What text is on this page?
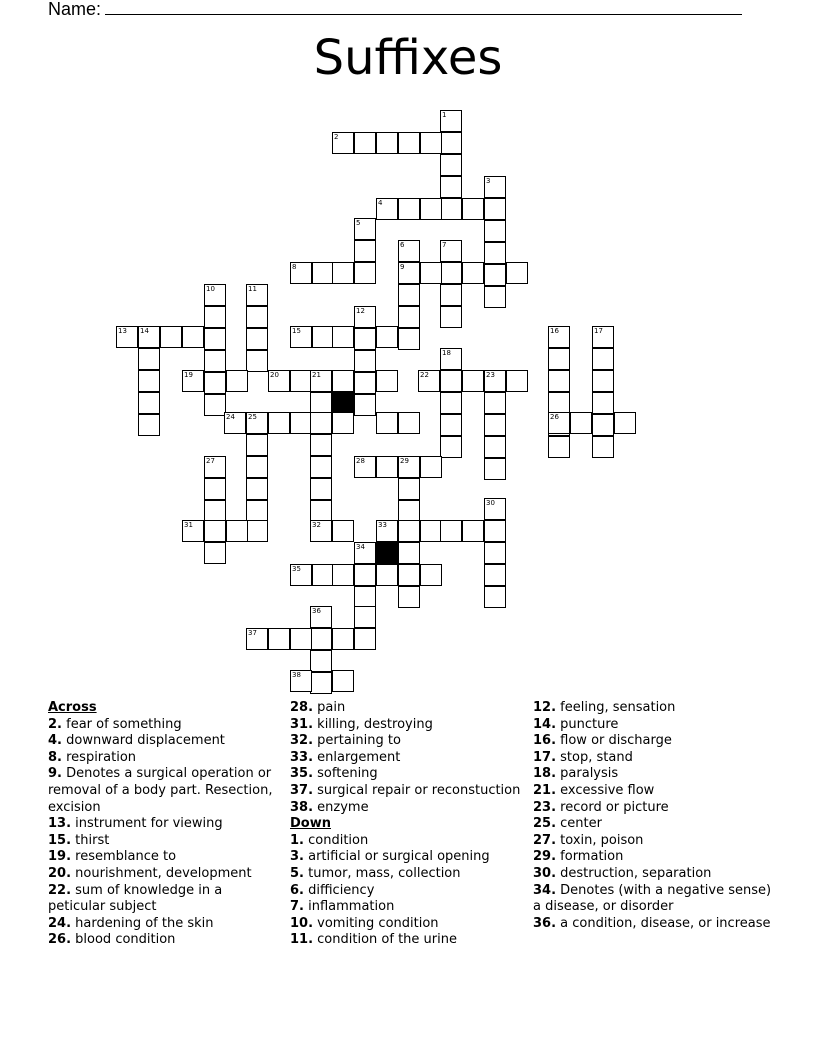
Name:
Suffixes
1
2
3
4
5
6	7
8	9
10	11
12
13 14	15	16	17
18
19	20	21	22	23
24 25	26
27	28	29
30
31	32	33
34
35
36
37
38
Across
2. fear of something
4. downward displacement
8. respiration
9. Denotes a surgical operation or removal of a body part. Resection, excision
13. instrument for viewing
15. thirst
19. resemblance to
20. nourishment, development
22. sum of knowledge in a peticular subject
24. hardening of the skin
26. blood condition
28. pain
31. killing, destroying
32. pertaining to
33. enlargement
35. softening
37. surgical repair or reconstuction
38. enzyme
Down
1. condition
3. artificial or surgical opening
5. tumor, mass, collection
6. difficiency
7. inflammation
10. vomiting condition
11. condition of the urine
12. feeling, sensation
14. puncture
16. flow or discharge
17. stop, stand
18. paralysis
21. excessive flow
23. record or picture
25. center
27. toxin, poison
29. formation
30. destruction, separation
34. Denotes (with a negative sense) a disease, or disorder
36. a condition, disease, or increase
